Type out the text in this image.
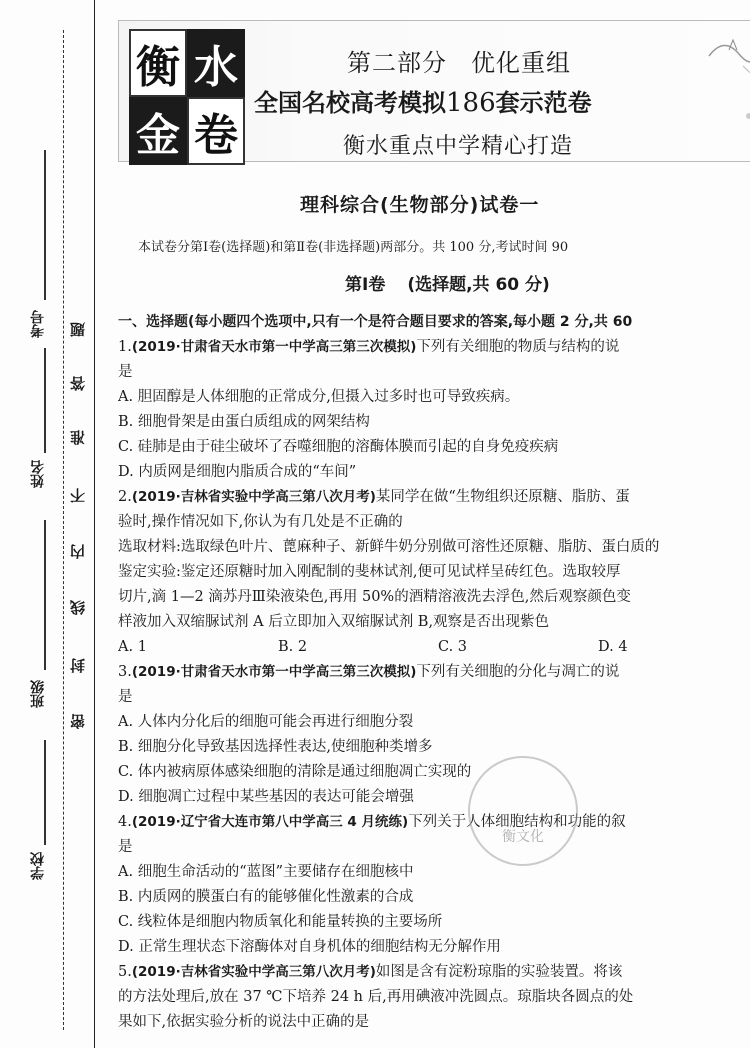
考号
姓名
班级
学校
题
答
准
不
内
线
封
密
衡 水
金 卷
第二部分 优化重组
全国名校高考模拟186套示范卷
衡水重点中学精心打造
理科综合(生物部分)试卷一
本试卷分第Ⅰ卷(选择题)和第Ⅱ卷(非选择题)两部分。共 100 分,考试时间 90
第Ⅰ卷 (选择题,共 60 分)
一、选择题(每小题四个选项中,只有一个是符合题目要求的答案,每小题 2 分,共 60
1.(2019·甘肃省天水市第一中学高三第三次模拟)下列有关细胞的物质与结构的说
是
A. 胆固醇是人体细胞的正常成分,但摄入过多时也可导致疾病。
B. 细胞骨架是由蛋白质组成的网架结构
C. 硅肺是由于硅尘破坏了吞噬细胞的溶酶体膜而引起的自身免疫疾病
D. 内质网是细胞内脂质合成的“车间”
2.(2019·吉林省实验中学高三第八次月考)某同学在做“生物组织还原糖、脂肪、蛋
验时,操作情况如下,你认为有几处是不正确的
选取材料:选取绿色叶片、蓖麻种子、新鲜牛奶分别做可溶性还原糖、脂肪、蛋白质的
鉴定实验:鉴定还原糖时加入刚配制的斐林试剂,便可见试样呈砖红色。选取较厚
切片,滴 1—2 滴苏丹Ⅲ染液染色,再用 50%的酒精溶液洗去浮色,然后观察颜色变
样液加入双缩脲试剂 A 后立即加入双缩脲试剂 B,观察是否出现紫色
A. 1	B. 2	C. 3	D. 4
3.(2019·甘肃省天水市第一中学高三第三次模拟)下列有关细胞的分化与凋亡的说
是
A. 人体内分化后的细胞可能会再进行细胞分裂
B. 细胞分化导致基因选择性表达,使细胞种类增多
C. 体内被病原体感染细胞的清除是通过细胞凋亡实现的
D. 细胞凋亡过程中某些基因的表达可能会增强
4.(2019·辽宁省大连市第八中学高三 4 月统练)下列关于人体细胞结构和功能的叙
是
A. 细胞生命活动的“蓝图”主要储存在细胞核中
B. 内质网的膜蛋白有的能够催化性激素的合成
C. 线粒体是细胞内物质氧化和能量转换的主要场所
D. 正常生理状态下溶酶体对自身机体的细胞结构无分解作用
5.(2019·吉林省实验中学高三第八次月考)如图是含有淀粉琼脂的实验装置。将该
的方法处理后,放在 37 ℃下培养 24 h 后,再用碘液冲洗圆点。琼脂块各圆点的处
果如下,依据实验分析的说法中正确的是
衡文化
